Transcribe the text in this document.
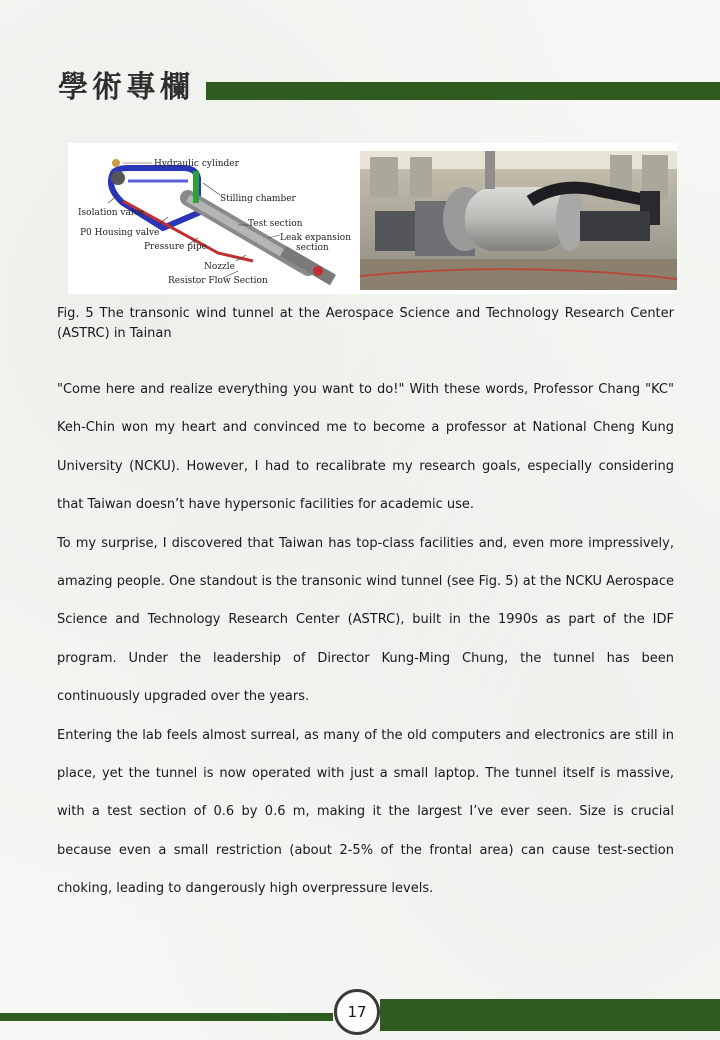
學術專欄
Hydraulic cylinder
Stilling chamber
Isolation valve
Test section
P0 Housing valve	Leak expansion
section
Pressure pipe
Nozzle
Resistor Flow Section
Fig. 5 The transonic wind tunnel at the Aerospace Science and Technology Research Center (ASTRC) in Tainan

"Come here and realize everything you want to do!" With these words, Professor Chang "KC" Keh-Chin won my heart and convinced me to become a professor at National Cheng Kung University (NCKU). However, I had to recalibrate my research goals, especially considering that Taiwan doesn’t have hypersonic facilities for academic use.

To my surprise, I discovered that Taiwan has top-class facilities and, even more impressively, amazing people. One standout is the transonic wind tunnel (see Fig. 5) at the NCKU Aerospace Science and Technology Research Center (ASTRC), built in the 1990s as part of the IDF program. Under the leadership of Director Kung-Ming Chung, the tunnel has been continuously upgraded over the years.

Entering the lab feels almost surreal, as many of the old computers and electronics are still in place, yet the tunnel is now operated with just a small laptop. The tunnel itself is massive, with a test section of 0.6 by 0.6 m, making it the largest I’ve ever seen. Size is crucial because even a small restriction (about 2-5% of the frontal area) can cause test-section choking, leading to dangerously high overpressure levels.

17
